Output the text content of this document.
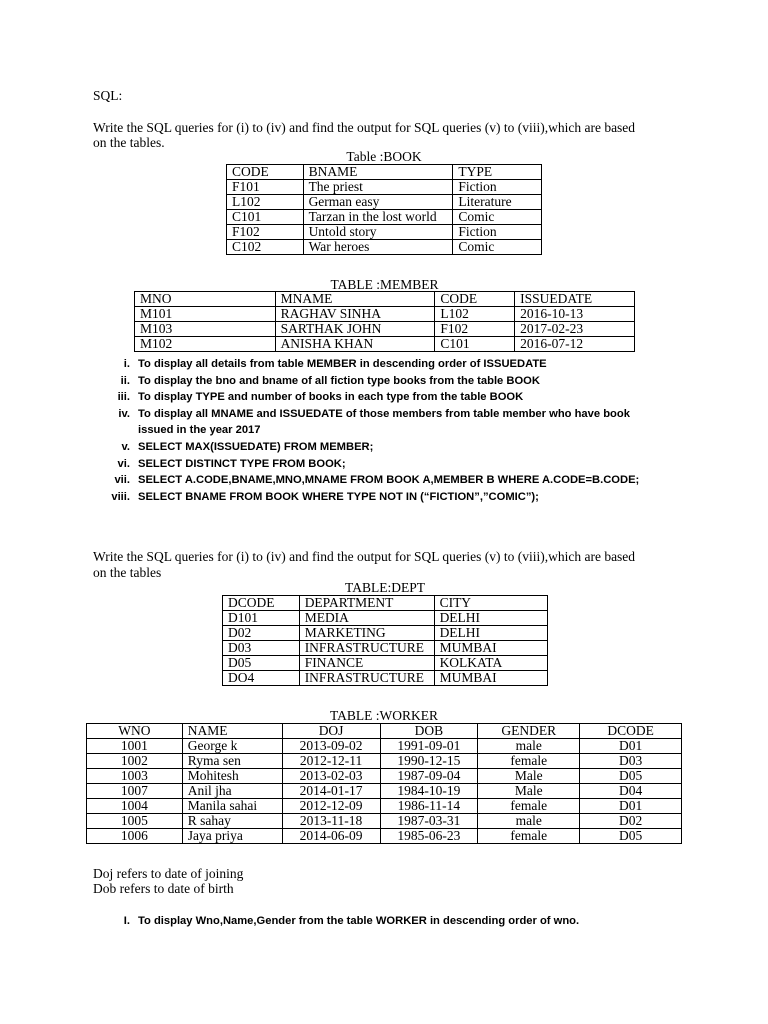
SQL:
Write the SQL queries for (i) to (iv) and find the output for SQL queries (v) to (viii),which are based
on the tables.
Table :BOOK
CODE	BNAME	TYPE
F101	The priest	Fiction
L102	German easy	Literature
C101	Tarzan in the lost world	Comic
F102	Untold story	Fiction
C102	War heroes	Comic
TABLE :MEMBER
MNO	MNAME	CODE	ISSUEDATE
M101	RAGHAV SINHA	L102	2016-10-13
M103	SARTHAK JOHN	F102	2017-02-23
M102	ANISHA KHAN	C101	2016-07-12
i. To display all details from table MEMBER in descending order of ISSUEDATE
ii. To display the bno and bname of all fiction type books from the table BOOK
iii. To display TYPE and number of books in each type from the table BOOK
iv. To display all MNAME and ISSUEDATE of those members from table member who have book
issued in the year 2017
v. SELECT MAX(ISSUEDATE) FROM MEMBER;
vi. SELECT DISTINCT TYPE FROM BOOK;
vii. SELECT A.CODE,BNAME,MNO,MNAME FROM BOOK A,MEMBER B WHERE A.CODE=B.CODE;
viii. SELECT BNAME FROM BOOK WHERE TYPE NOT IN (“FICTION”,”COMIC”);
Write the SQL queries for (i) to (iv) and find the output for SQL queries (v) to (viii),which are based
on the tables
TABLE:DEPT
DCODE	DEPARTMENT	CITY
D101	MEDIA	DELHI
D02	MARKETING	DELHI
D03	INFRASTRUCTURE	MUMBAI
D05	FINANCE	KOLKATA
DO4	INFRASTRUCTURE	MUMBAI
TABLE :WORKER
WNO	NAME	DOJ	DOB	GENDER	DCODE
1001	George k	2013-09-02	1991-09-01	male	D01
1002	Ryma sen	2012-12-11	1990-12-15	female	D03
1003	Mohitesh	2013-02-03	1987-09-04	Male	D05
1007	Anil jha	2014-01-17	1984-10-19	Male	D04
1004	Manila sahai	2012-12-09	1986-11-14	female	D01
1005	R sahay	2013-11-18	1987-03-31	male	D02
1006	Jaya priya	2014-06-09	1985-06-23	female	D05
Doj refers to date of joining
Dob refers to date of birth
I. To display Wno,Name,Gender from the table WORKER in descending order of wno.
